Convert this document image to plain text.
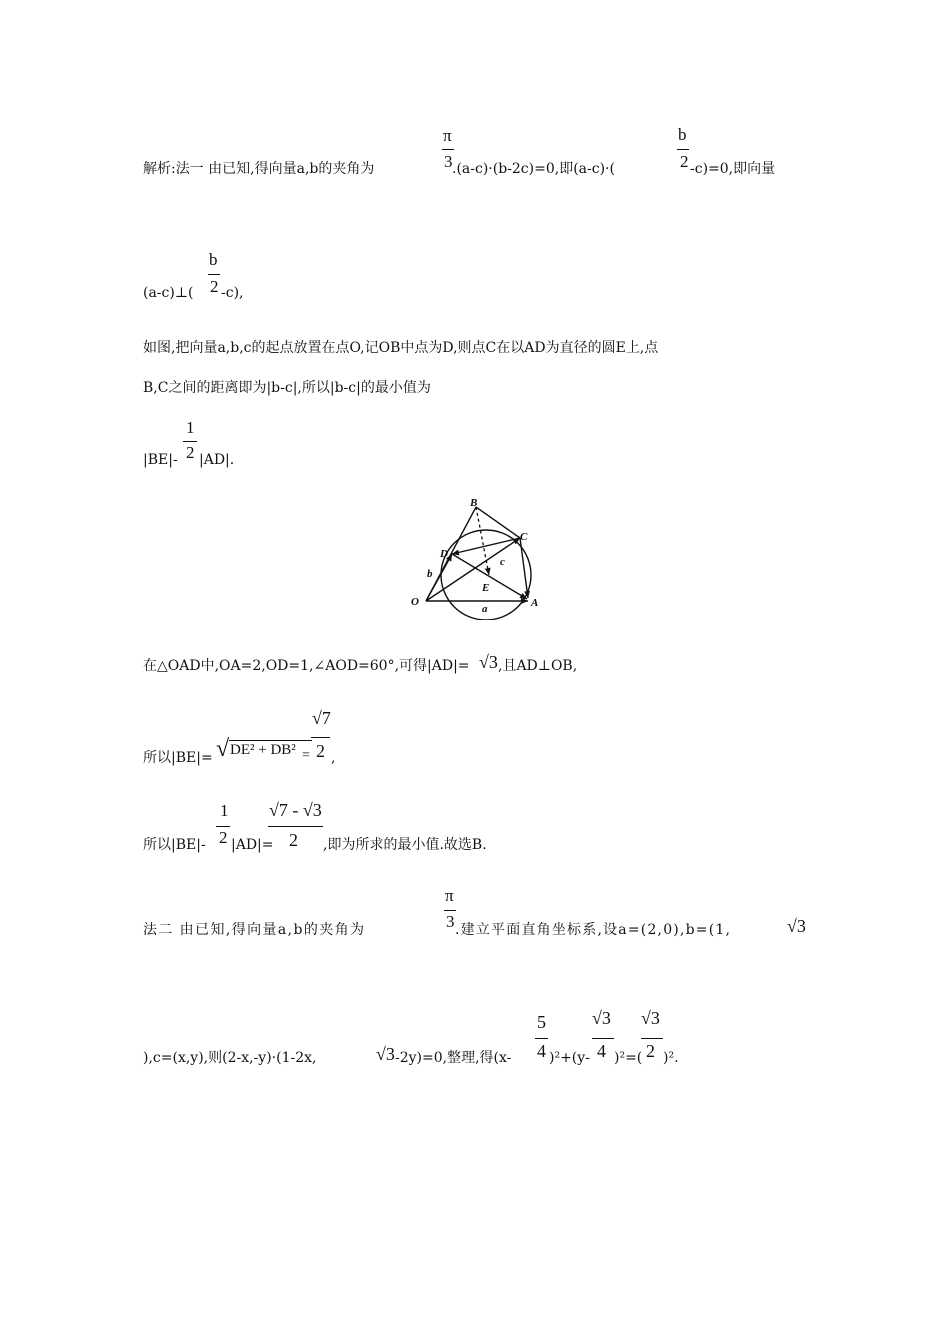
解析:法一 由已知,得向量a,b的夹角为
π
3 .(a-c)·(b-2c)=0,即(a-c)·(
b
2 -c)=0,即向量
(a-c)⊥(
b
2 -c),
如图,把向量a,b,c的起点放置在点O,记OB中点为D,则点C在以AD为直径的圆E上,点
B,C之间的距离即为|b-c|,所以|b-c|的最小值为
|BE|-
1
2 |AD|.
B
C
D
E
O	A
a
b
c
在△OAD中,OA=2,OD=1,∠AOD=60°,可得|AD|= √3 ,且AD⊥OB,
所以|BE|= √ DE² + DB² =
√7
2 ,
所以|BE|-
1
2 |AD|=
√7 - √3
2 ,即为所求的最小值.故选B.
法二 由已知,得向量a,b的夹角为
π
3 .建立平面直角坐标系,设a=(2,0),b=(1,	√3
),c=(x,y),则(2-x,-y)·(1-2x,	√3 -2y)=0,整理,得(x-
5
4 )²+(y-
√3
4 )²=(
√3
2 )².
